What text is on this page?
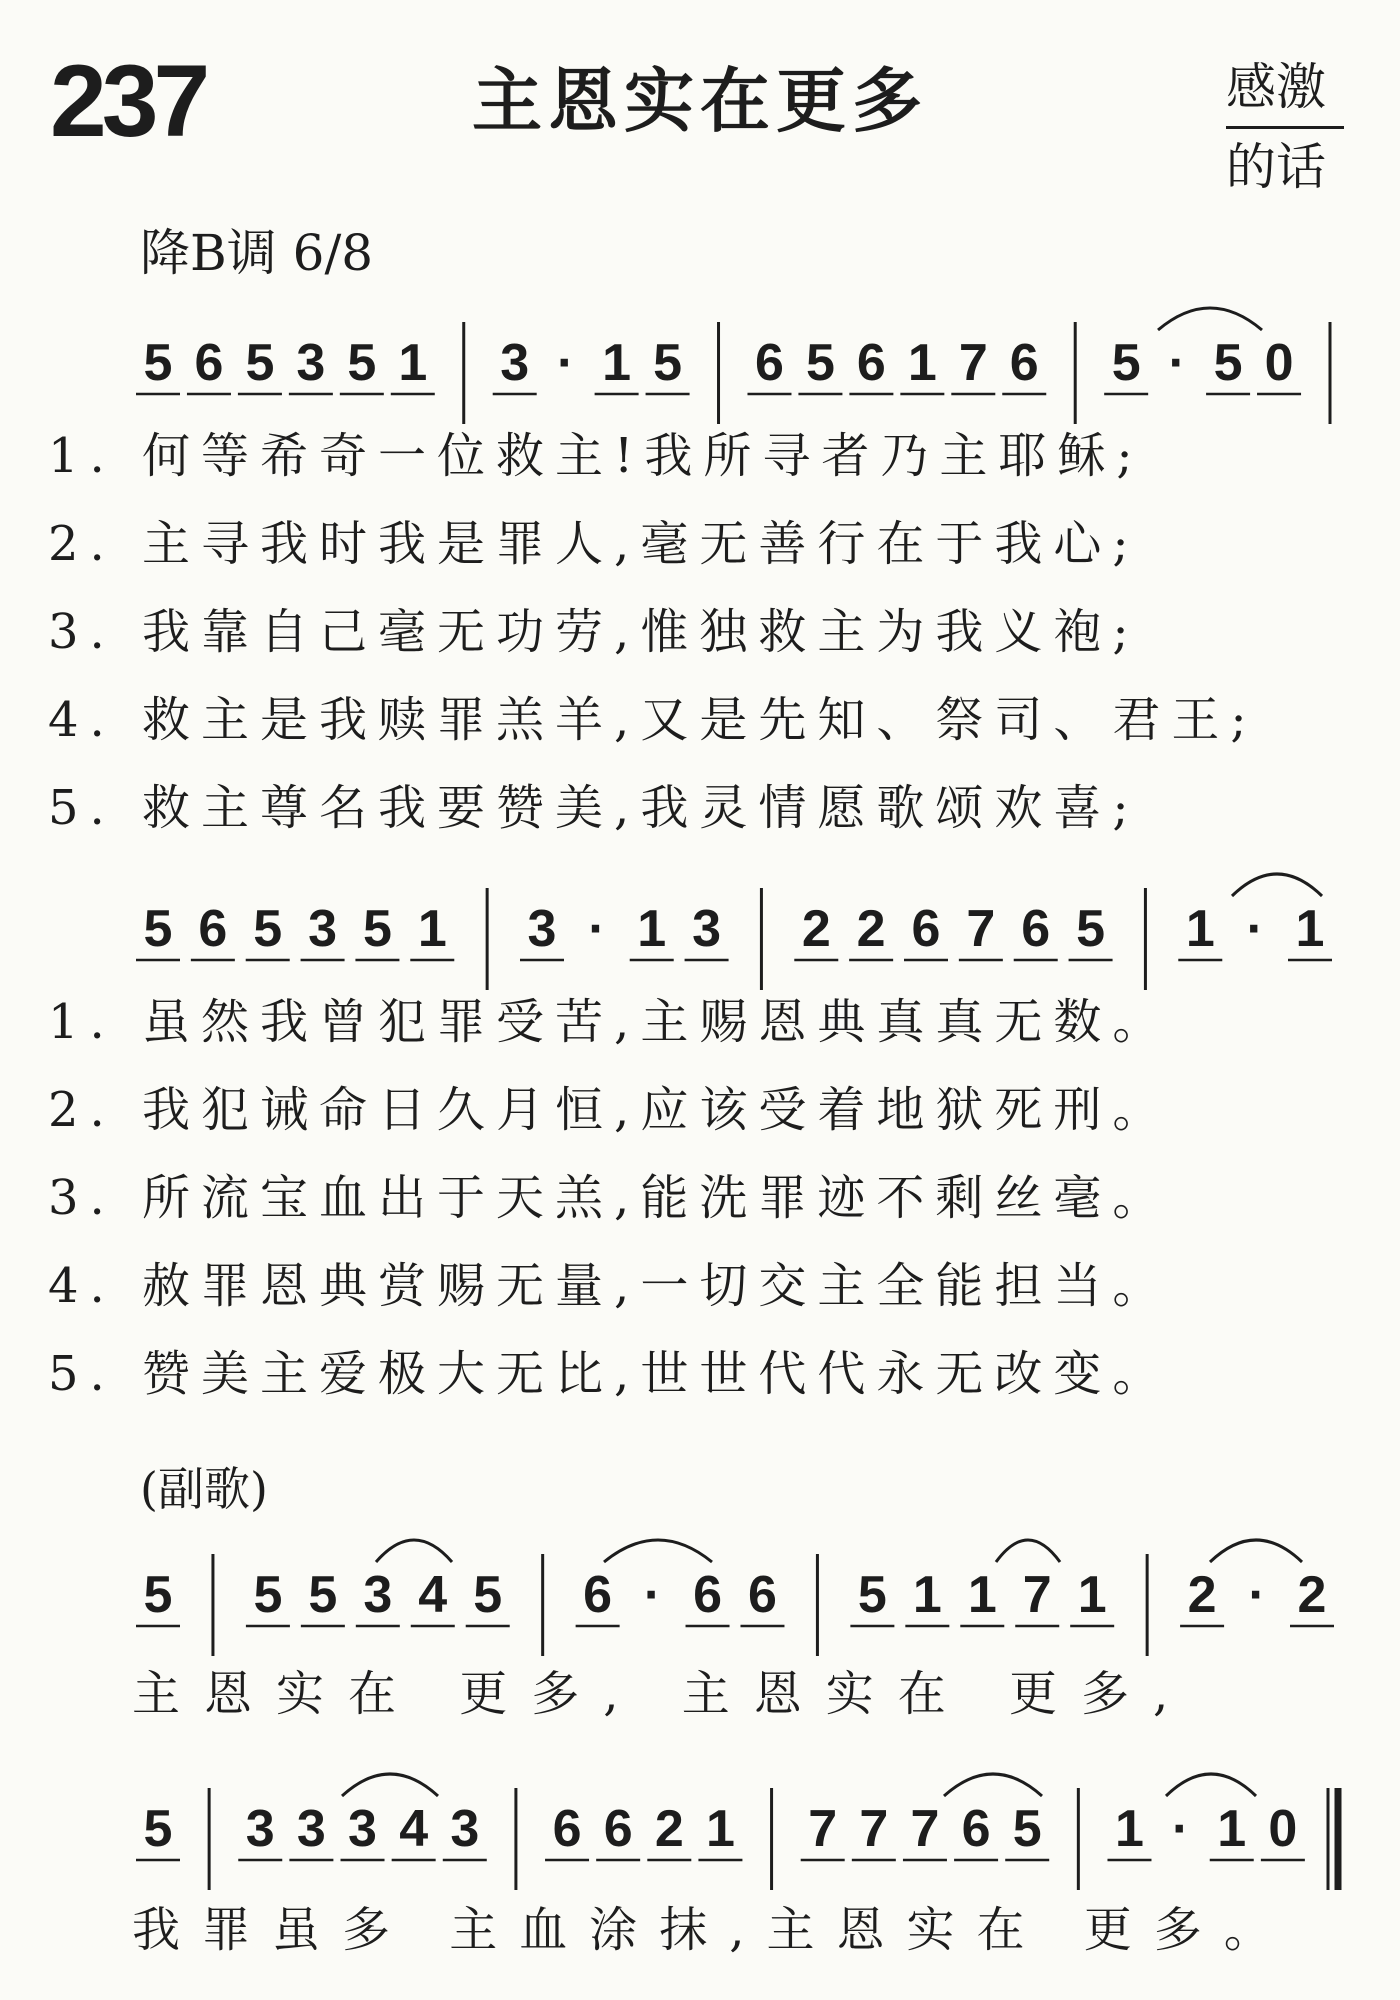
237	主恩实在更多	感激
的话
降B调 6/8
5 6 5 3 5 1 3 · 1 5 6 5 6 1 7 6 5 · 5 0
5 6 5 3 5 1 3 · 1 3 2 2 6 7 6 5 1 · 1
5 5 5 3 4 5 6 · 6 6 5 1 1 7 1 2 · 2
5 3 3 3 4 3 6 6 2 1 7 7 7 6 5 1 · 1 0
1. 何等希奇一位救主!我所寻者乃主耶稣;
2. 主寻我时我是罪人,毫无善行在于我心;
3. 我靠自己毫无功劳,惟独救主为我义袍;
4. 救主是我赎罪羔羊,又是先知、祭司、君王;
5. 救主尊名我要赞美,我灵情愿歌颂欢喜;
1. 虽然我曾犯罪受苦,主赐恩典真真无数。
2. 我犯诫命日久月恒,应该受着地狱死刑。
3. 所流宝血出于天羔,能洗罪迹不剩丝毫。
4. 赦罪恩典赏赐无量,一切交主全能担当。
5. 赞美主爱极大无比,世世代代永无改变。
(副歌)
主恩实在 更多, 主恩实在 更多,
我罪虽多 主血涂抹,主恩实在 更多。
